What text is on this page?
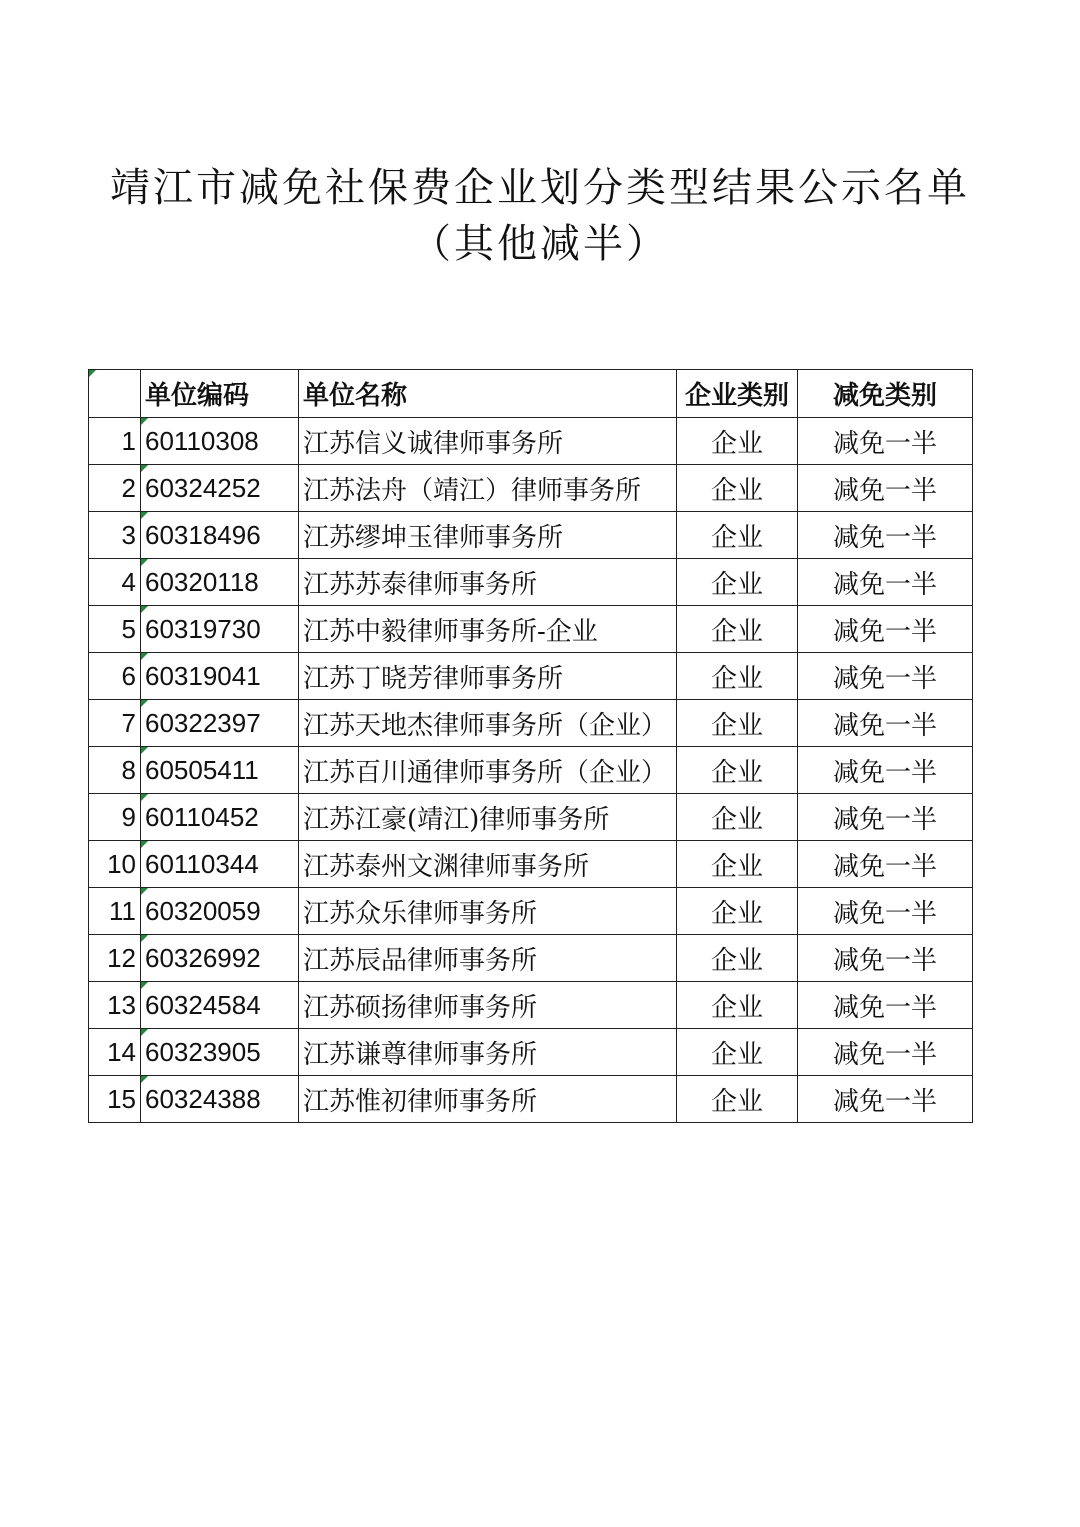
靖江市减免社保费企业划分类型结果公示名单
（其他减半）
	单位编码	单位名称	企业类别	减免类别
1	60110308	江苏信义诚律师事务所	企业	减免一半
2	60324252	江苏法舟（靖江）律师事务所	企业	减免一半
3	60318496	江苏缪坤玉律师事务所	企业	减免一半
4	60320118	江苏苏泰律师事务所	企业	减免一半
5	60319730	江苏中毅律师事务所-企业	企业	减免一半
6	60319041	江苏丁晓芳律师事务所	企业	减免一半
7	60322397	江苏天地杰律师事务所（企业）	企业	减免一半
8	60505411	江苏百川通律师事务所（企业）	企业	减免一半
9	60110452	江苏江豪(靖江)律师事务所	企业	减免一半
10	60110344	江苏泰州文渊律师事务所	企业	减免一半
11	60320059	江苏众乐律师事务所	企业	减免一半
12	60326992	江苏辰品律师事务所	企业	减免一半
13	60324584	江苏硕扬律师事务所	企业	减免一半
14	60323905	江苏谦尊律师事务所	企业	减免一半
15	60324388	江苏惟初律师事务所	企业	减免一半
